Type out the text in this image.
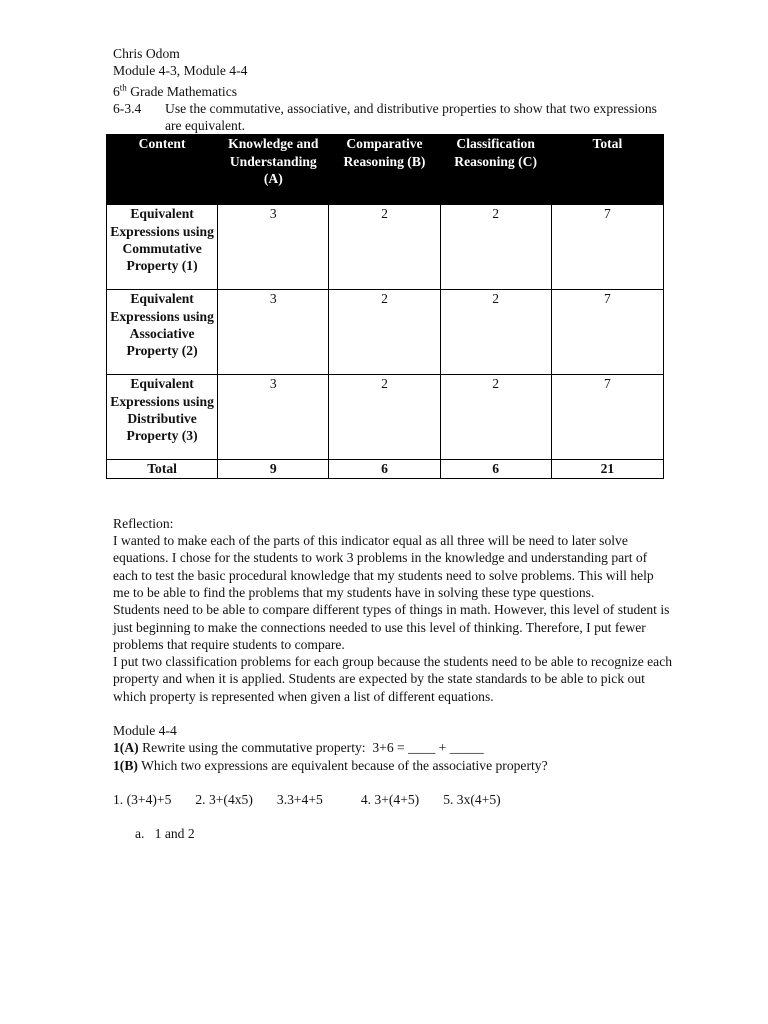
Chris Odom
Module 4-3, Module 4-4
6th Grade Mathematics
6-3.4	Use the commutative, associative, and distributive properties to show that two expressions are equivalent.
Content	Knowledge and Understanding (A)	Comparative Reasoning (B)	Classification Reasoning (C)	Total
Equivalent Expressions using Commutative Property (1)	3	2	2	7
Equivalent Expressions using Associative Property (2)	3	2	2	7
Equivalent Expressions using Distributive Property (3)	3	2	2	7
Total	9	6	6	21
Reflection:
I wanted to make each of the parts of this indicator equal as all three will be need to later solve equations. I chose for the students to work 3 problems in the knowledge and understanding part of each to test the basic procedural knowledge that my students need to solve problems. This will help me to be able to find the problems that my students have in solving these type questions.
Students need to be able to compare different types of things in math. However, this level of student is just beginning to make the connections needed to use this level of thinking. Therefore, I put fewer problems that require students to compare.
I put two classification problems for each group because the students need to be able to recognize each property and when it is applied. Students are expected by the state standards to be able to pick out which property is represented when given a list of different equations.
Module 4-4
1(A) Rewrite using the commutative property:  3+6 = ____ + _____
1(B) Which two expressions are equivalent because of the associative property?
1. (3+4)+5 2. 3+(4x5) 3.3+4+5	4. 3+(4+5) 5. 3x(4+5)
a.   1 and 2
